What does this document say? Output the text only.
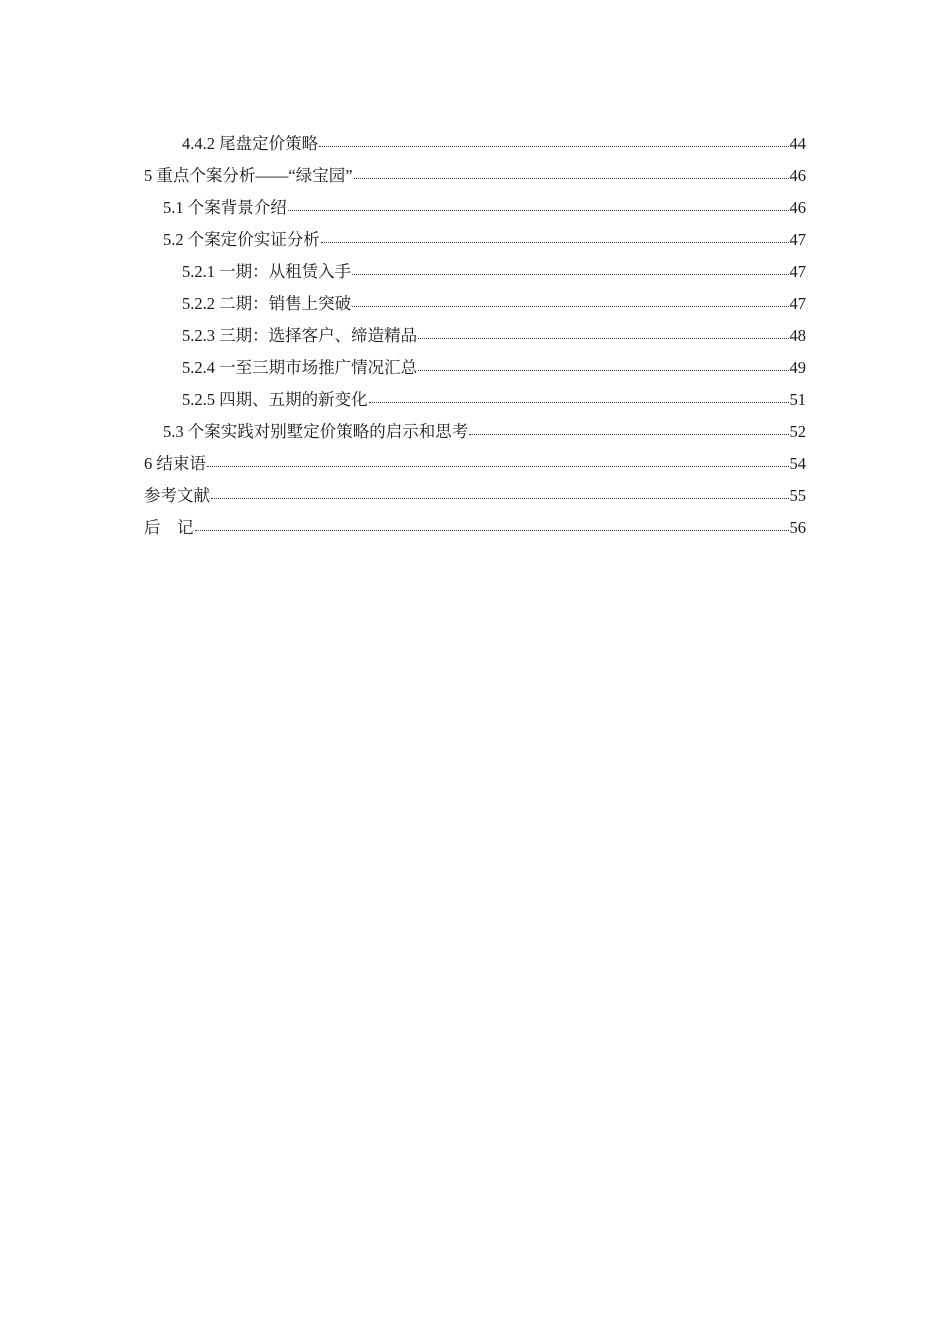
4.4.2 尾盘定价策略	44
5 重点个案分析——“绿宝园”	46
5.1 个案背景介绍	46
5.2 个案定价实证分析	47
5.2.1 一期：从租赁入手	47
5.2.2 二期：销售上突破	47
5.2.3 三期：选择客户、缔造精品	48
5.2.4 一至三期市场推广情况汇总	49
5.2.5 四期、五期的新变化	51
5.3 个案实践对别墅定价策略的启示和思考	52
6 结束语	54
参考文献	55
后    记	56
